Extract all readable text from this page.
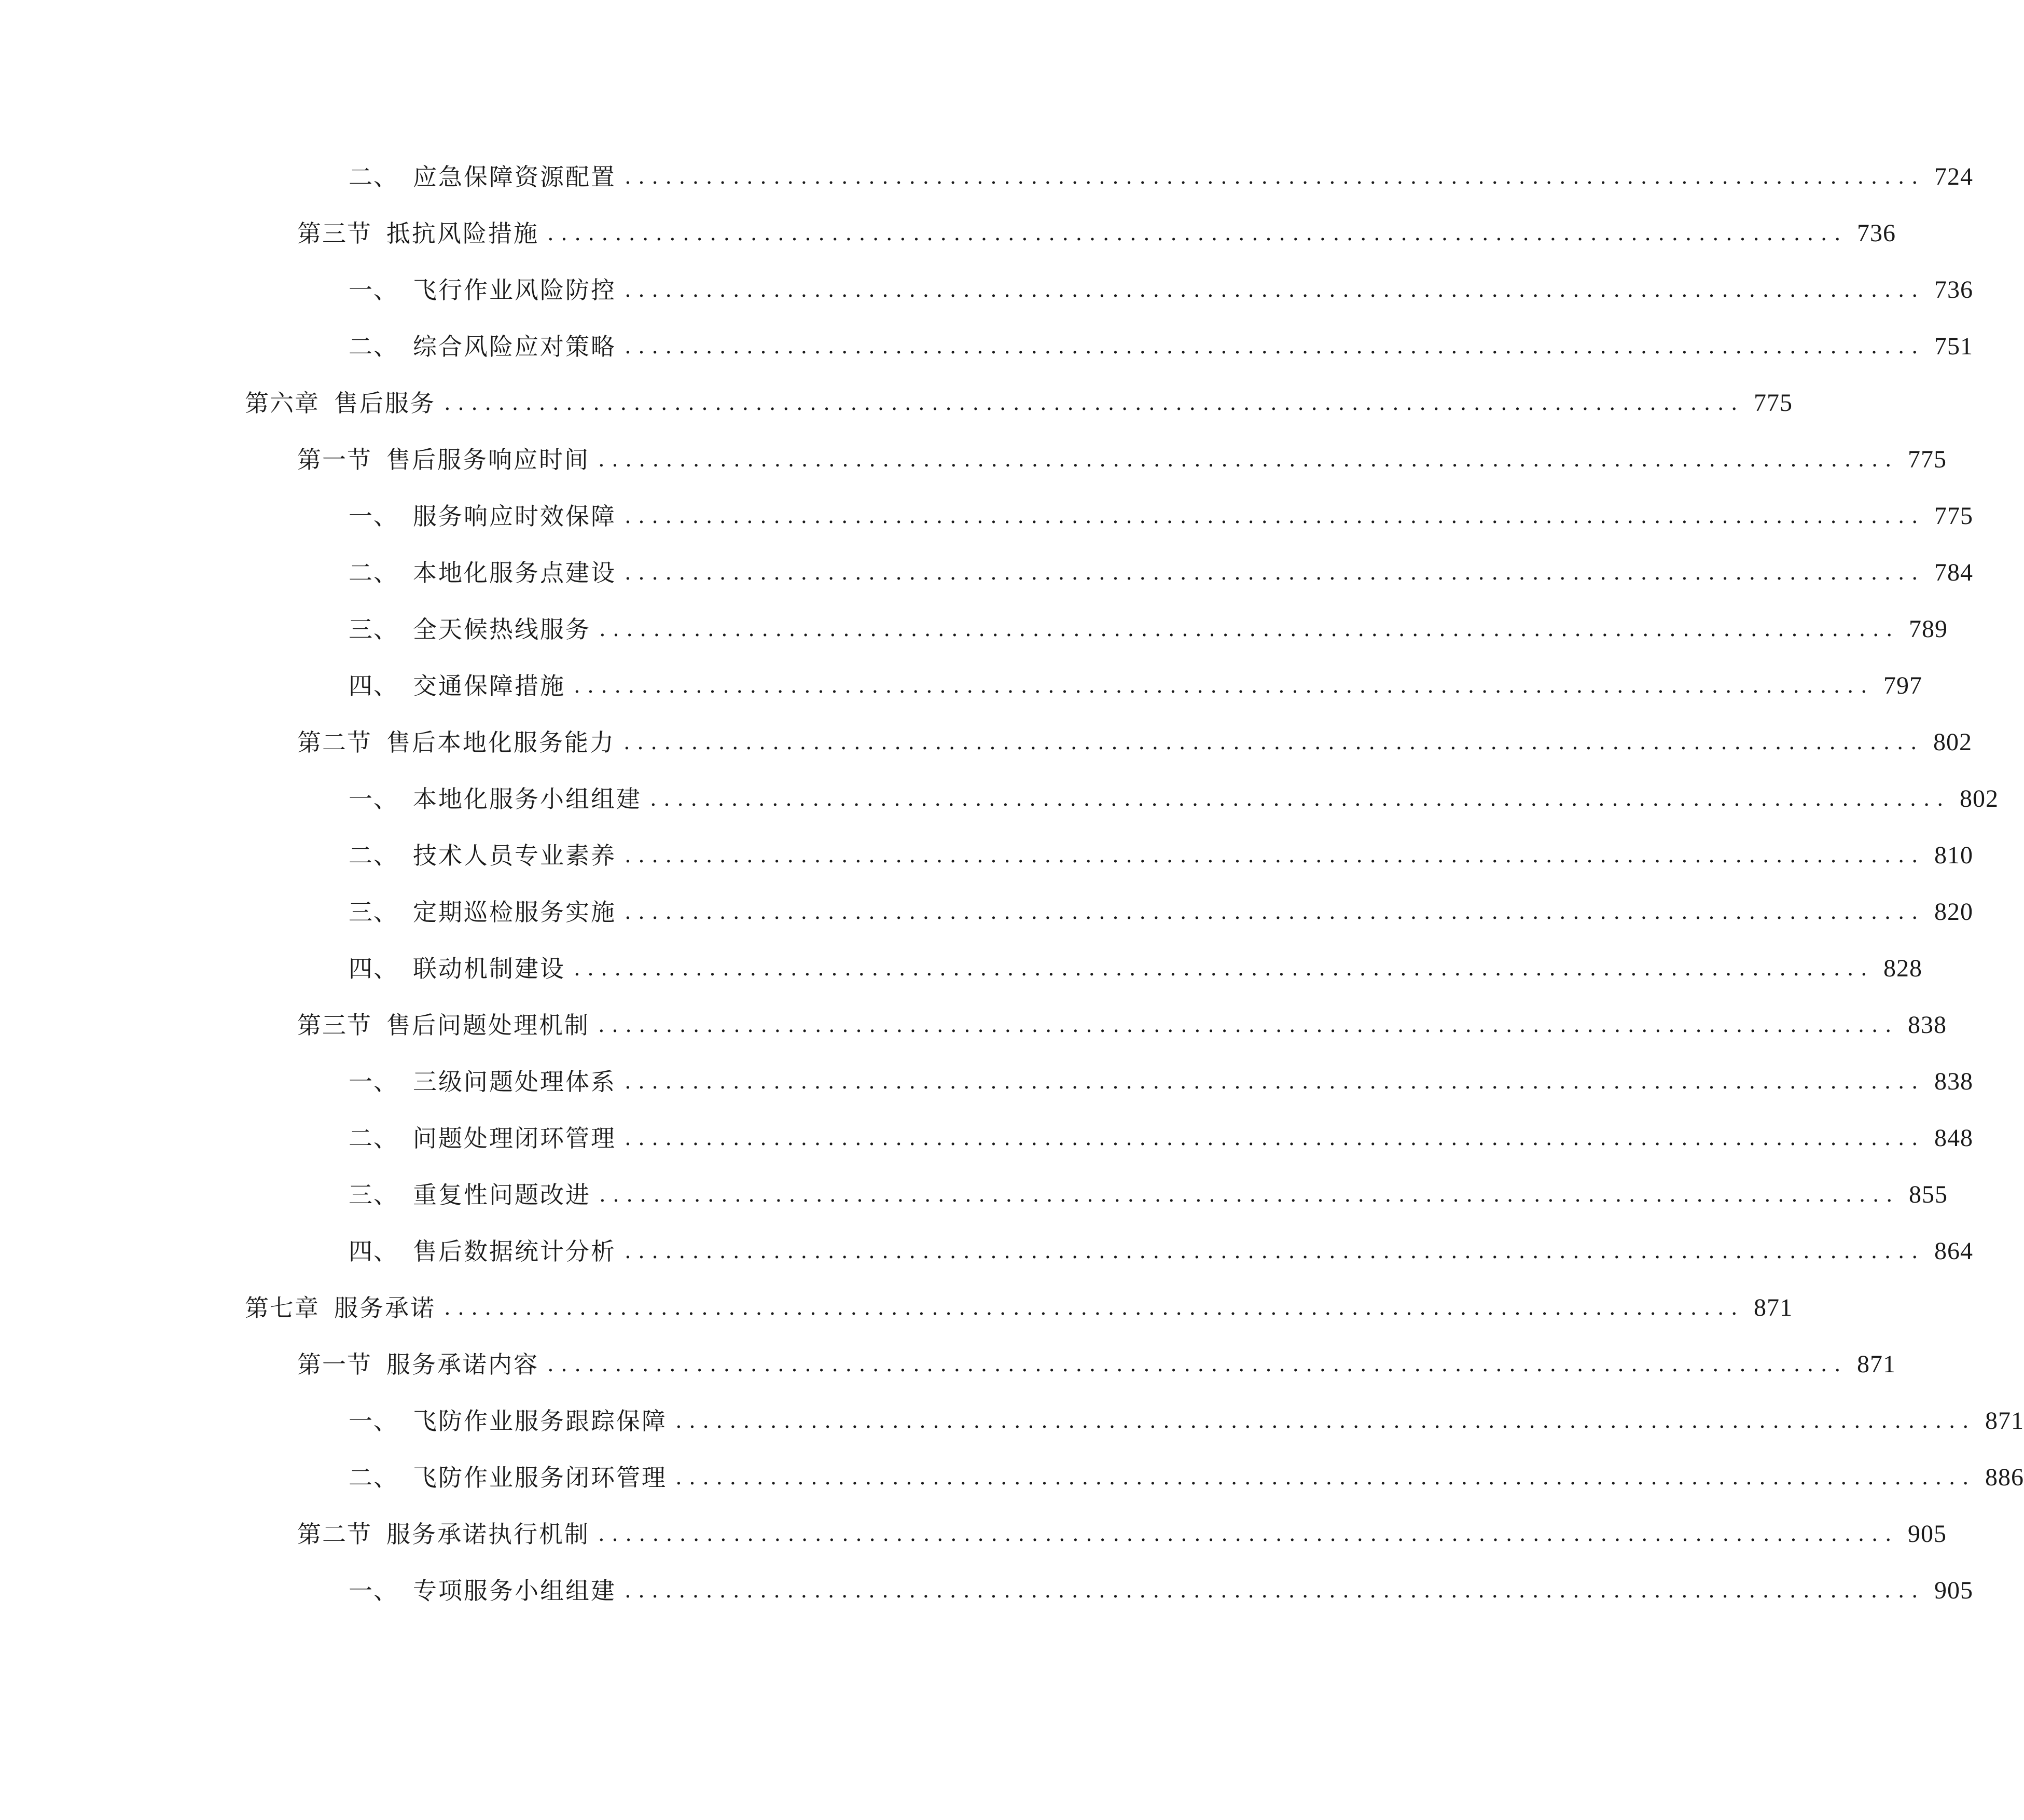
二、 应急保障资源配置 ................................................................................................ 724
第三节 抵抗风险措施 ................................................................................................ 736
一、 飞行作业风险防控 ................................................................................................ 736
二、 综合风险应对策略 ................................................................................................ 751
第六章 售后服务 ................................................................................................ 775
第一节 售后服务响应时间 ................................................................................................ 775
一、 服务响应时效保障 ................................................................................................ 775
二、 本地化服务点建设 ................................................................................................ 784
三、 全天候热线服务 ................................................................................................ 789
四、 交通保障措施 ................................................................................................ 797
第二节 售后本地化服务能力 ................................................................................................ 802
一、 本地化服务小组组建 ................................................................................................ 802
二、 技术人员专业素养 ................................................................................................ 810
三、 定期巡检服务实施 ................................................................................................ 820
四、 联动机制建设 ................................................................................................ 828
第三节 售后问题处理机制 ................................................................................................ 838
一、 三级问题处理体系 ................................................................................................ 838
二、 问题处理闭环管理 ................................................................................................ 848
三、 重复性问题改进 ................................................................................................ 855
四、 售后数据统计分析 ................................................................................................ 864
第七章 服务承诺 ................................................................................................ 871
第一节 服务承诺内容 ................................................................................................ 871
一、 飞防作业服务跟踪保障 ................................................................................................ 871
二、 飞防作业服务闭环管理 ................................................................................................ 886
第二节 服务承诺执行机制 ................................................................................................ 905
一、 专项服务小组组建 ................................................................................................ 905
